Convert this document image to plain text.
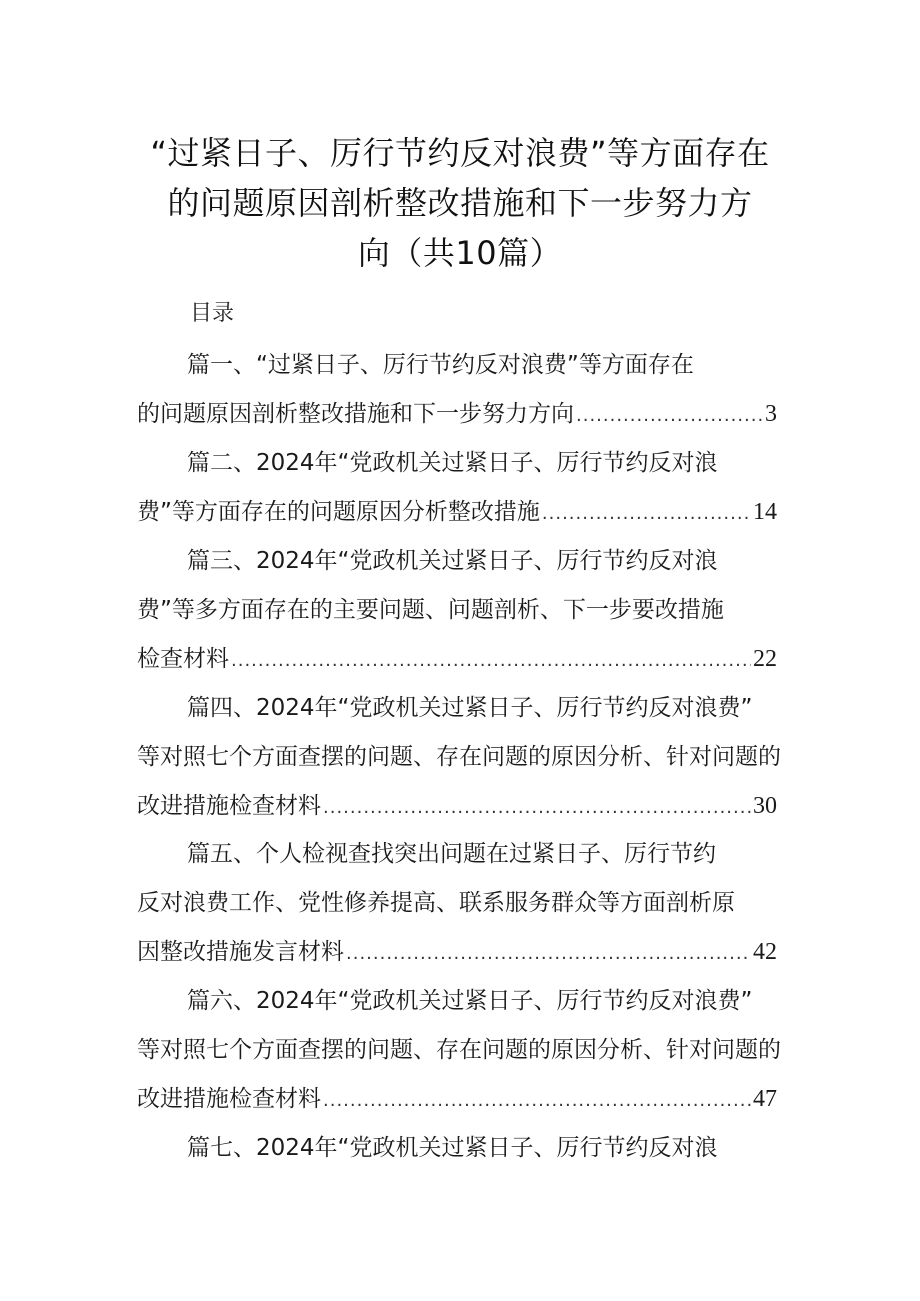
“过紧日子、厉行节约反对浪费”等方面存在
的问题原因剖析整改措施和下一步努力方
向（共10篇）
目录
篇一、“过紧日子、厉行节约反对浪费”等方面存在
的问题原因剖析整改措施和下一步努力方向 .....	3
篇二、2024年“党政机关过紧日子、厉行节约反对浪
费”等方面存在的问题原因分析整改措施 .....	14
篇三、2024年“党政机关过紧日子、厉行节约反对浪
费”等多方面存在的主要问题、问题剖析、下一步要改措施
检查材料 .....	22
篇四、2024年“党政机关过紧日子、厉行节约反对浪费”
等对照七个方面查摆的问题、存在问题的原因分析、针对问题的
改进措施检查材料 .....	30
篇五、个人检视查找突出问题在过紧日子、厉行节约
反对浪费工作、党性修养提高、联系服务群众等方面剖析原
因整改措施发言材料 .....	42
篇六、2024年“党政机关过紧日子、厉行节约反对浪费”
等对照七个方面查摆的问题、存在问题的原因分析、针对问题的
改进措施检查材料 .....	47
篇七、2024年“党政机关过紧日子、厉行节约反对浪
